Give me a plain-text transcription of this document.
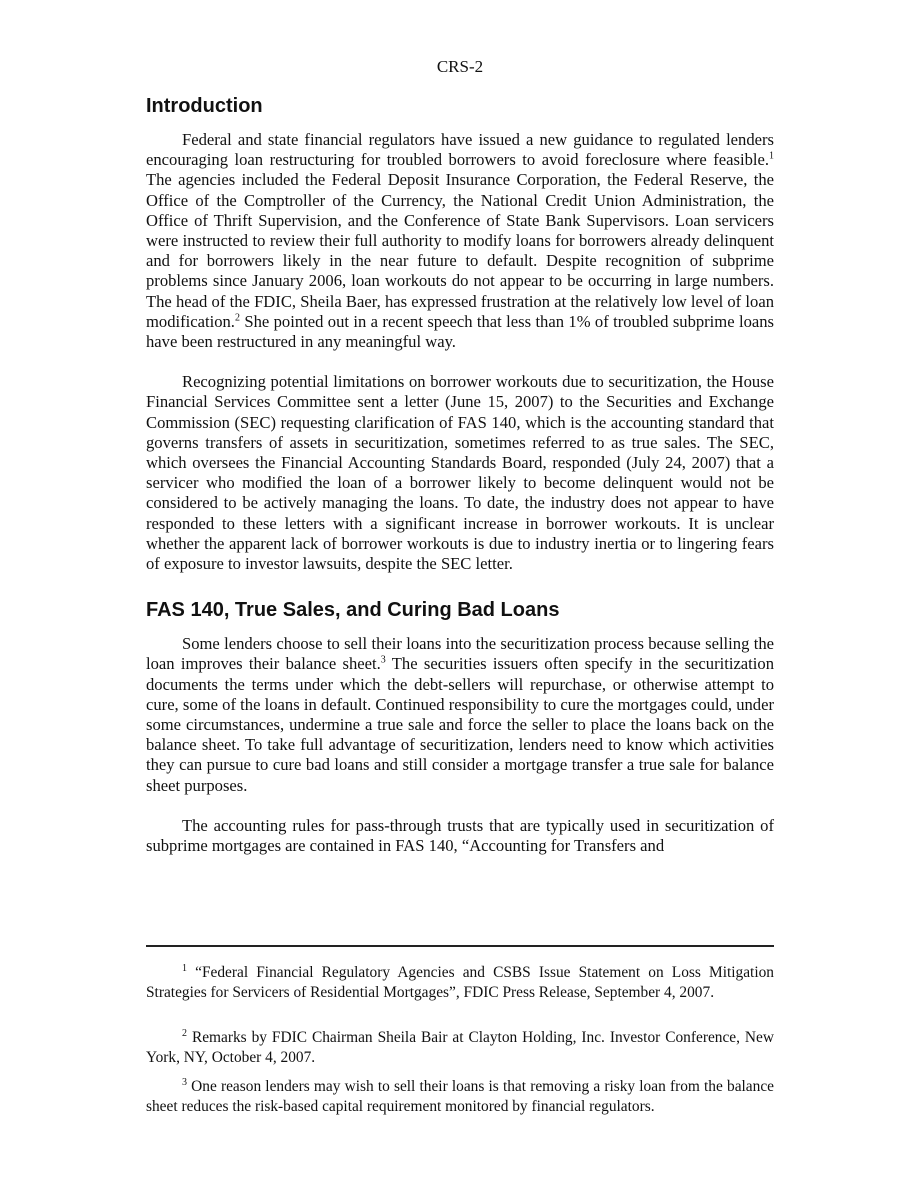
CRS-2
Introduction

Federal and state financial regulators have issued a new guidance to regulated lenders encouraging loan restructuring for troubled borrowers to avoid foreclosure where feasible.$^1$ The agencies included the Federal Deposit Insurance Corporation, the Federal Reserve, the Office of the Comptroller of the Currency, the National Credit Union Administration, the Office of Thrift Supervision, and the Conference of State Bank Supervisors. Loan servicers were instructed to review their full authority to modify loans for borrowers already delinquent and for borrowers likely in the near future to default. Despite recognition of subprime problems since January 2006, loan workouts do not appear to be occurring in large numbers. The head of the FDIC, Sheila Baer, has expressed frustration at the relatively low level of loan modification.$^2$ She pointed out in a recent speech that less than 1% of troubled subprime loans have been restructured in any meaningful way.

Recognizing potential limitations on borrower workouts due to securitization, the House Financial Services Committee sent a letter (June 15, 2007) to the Securities and Exchange Commission (SEC) requesting clarification of FAS 140, which is the accounting standard that governs transfers of assets in securitization, sometimes referred to as true sales. The SEC, which oversees the Financial Accounting Standards Board, responded (July 24, 2007) that a servicer who modified the loan of a borrower likely to become delinquent would not be considered to be actively managing the loans. To date, the industry does not appear to have responded to these letters with a significant increase in borrower workouts. It is unclear whether the apparent lack of borrower workouts is due to industry inertia or to lingering fears of exposure to investor lawsuits, despite the SEC letter.

FAS 140, True Sales, and Curing Bad Loans

Some lenders choose to sell their loans into the securitization process because selling the loan improves their balance sheet.$^3$ The securities issuers often specify in the securitization documents the terms under which the debt-sellers will repurchase, or otherwise attempt to cure, some of the loans in default. Continued responsibility to cure the mortgages could, under some circumstances, undermine a true sale and force the seller to place the loans back on the balance sheet. To take full advantage of securitization, lenders need to know which activities they can pursue to cure bad loans and still consider a mortgage transfer a true sale for balance sheet purposes.

The accounting rules for pass-through trusts that are typically used in securitization of subprime mortgages are contained in FAS 140, “Accounting for Transfers and

$^1$ “Federal Financial Regulatory Agencies and CSBS Issue Statement on Loss Mitigation Strategies for Servicers of Residential Mortgages”, FDIC Press Release, September 4, 2007.

$^2$ Remarks by FDIC Chairman Sheila Bair at Clayton Holding, Inc. Investor Conference, New York, NY, October 4, 2007.

$^3$ One reason lenders may wish to sell their loans is that removing a risky loan from the balance sheet reduces the risk-based capital requirement monitored by financial regulators.
